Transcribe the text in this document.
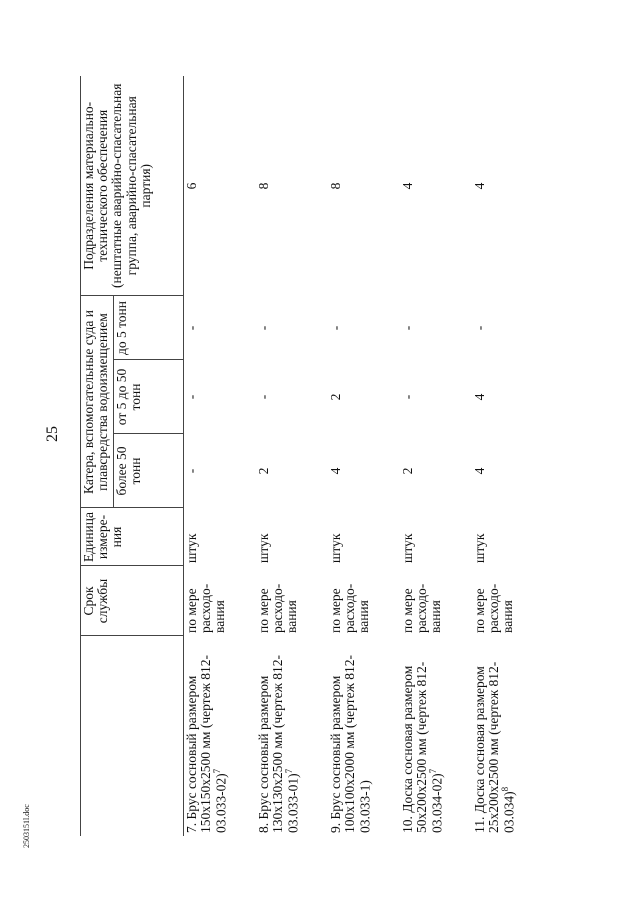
25
2503151l.doc
	Срок службы	Единица измере-ния	Катера, вспомогательные суда и плавсредства водоизмещением			Подразделения материально-технического обеспечения (нештатные аварийно-спасательная группа, аварийно-спасательная партия)
			более 50 тонн	от 5 до 50 тонн	до 5 тонн	
7. Брус сосновый размером 150х150х2500 мм (чертеж 812-03.033-02)$^7$	по мере расходо-вания	штук	-	-	-	6
8. Брус сосновый размером 130х130х2500 мм (чертеж 812-03.033-01)$^7$	по мере расходо-вания	штук	2	-	-	8
9. Брус сосновый размером 100х100х2000 мм (чертеж 812-03.033-1)	по мере расходо-вания	штук	4	2	-	8
10. Доска сосновая размером 50х200х2500 мм (чертеж 812-03.034-02)$^7$	по мере расходо-вания	штук	2	-	-	4
11. Доска сосновая размером 25х200х2500 мм (чертеж 812-03.034)$^8$	по мере расходо-вания	штук	4	4	-	4
